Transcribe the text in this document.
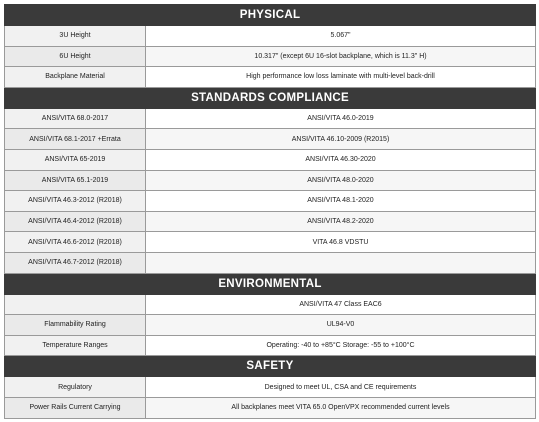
PHYSICAL	
3U Height	5.067"
6U Height	10.317" (except 6U 16-slot backplane, which is 11.3" H)
Backplane Material	High performance low loss laminate with multi-level back-drill
STANDARDS COMPLIANCE	
ANSI/VITA 68.0-2017	ANSI/VITA 46.0-2019
ANSI/VITA 68.1-2017 +Errata	ANSI/VITA 46.10-2009 (R2015)
ANSI/VITA 65-2019	ANSI/VITA 46.30-2020
ANSI/VITA 65.1-2019	ANSI/VITA 48.0-2020
ANSI/VITA 46.3-2012 (R2018)	ANSI/VITA 48.1-2020
ANSI/VITA 46.4-2012 (R2018)	ANSI/VITA 48.2-2020
ANSI/VITA 46.6-2012 (R2018)	VITA 46.8 VDSTU
ANSI/VITA 46.7-2012 (R2018)	
ENVIRONMENTAL	
	ANSI/VITA 47 Class EAC6
Flammability Rating	UL94-V0
Temperature Ranges	Operating: -40 to +85°C Storage: -55 to +100°C
SAFETY	
Regulatory	Designed to meet UL, CSA and CE requirements
Power Rails Current Carrying	All backplanes meet VITA 65.0 OpenVPX recommended current levels
